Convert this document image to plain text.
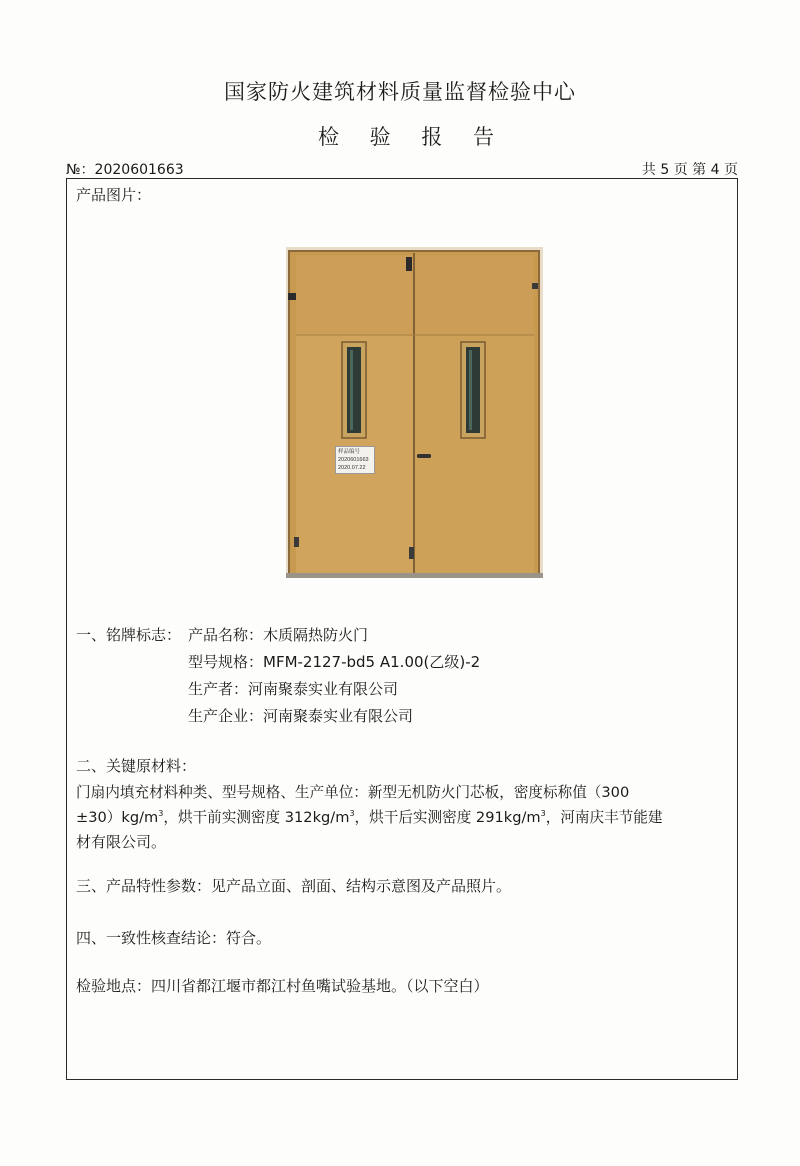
国家防火建筑材料质量监督检验中心
检 验 报 告
№：2020601663	共 5 页 第 4 页
产品图片：
样品编号
2020601663
2020.07.22
一、铭牌标志： 产品名称：木质隔热防火门
型号规格：MFM-2127-bd5 A1.00(乙级)-2
生产者：河南聚泰实业有限公司
生产企业：河南聚泰实业有限公司
二、关键原材料：
门扇内填充材料种类、型号规格、生产单位：新型无机防火门芯板，密度标称值（300
$\pm 30)kg/m^3$，烘干前实测密度 $312kg/m^3$，烘干后实测密度 $291kg/m^3$，河南庆丰节能建
材有限公司。
三、产品特性参数：见产品立面、剖面、结构示意图及产品照片。
四、一致性核查结论：符合。
检验地点：四川省都江堰市都江村鱼嘴试验基地。（以下空白）
